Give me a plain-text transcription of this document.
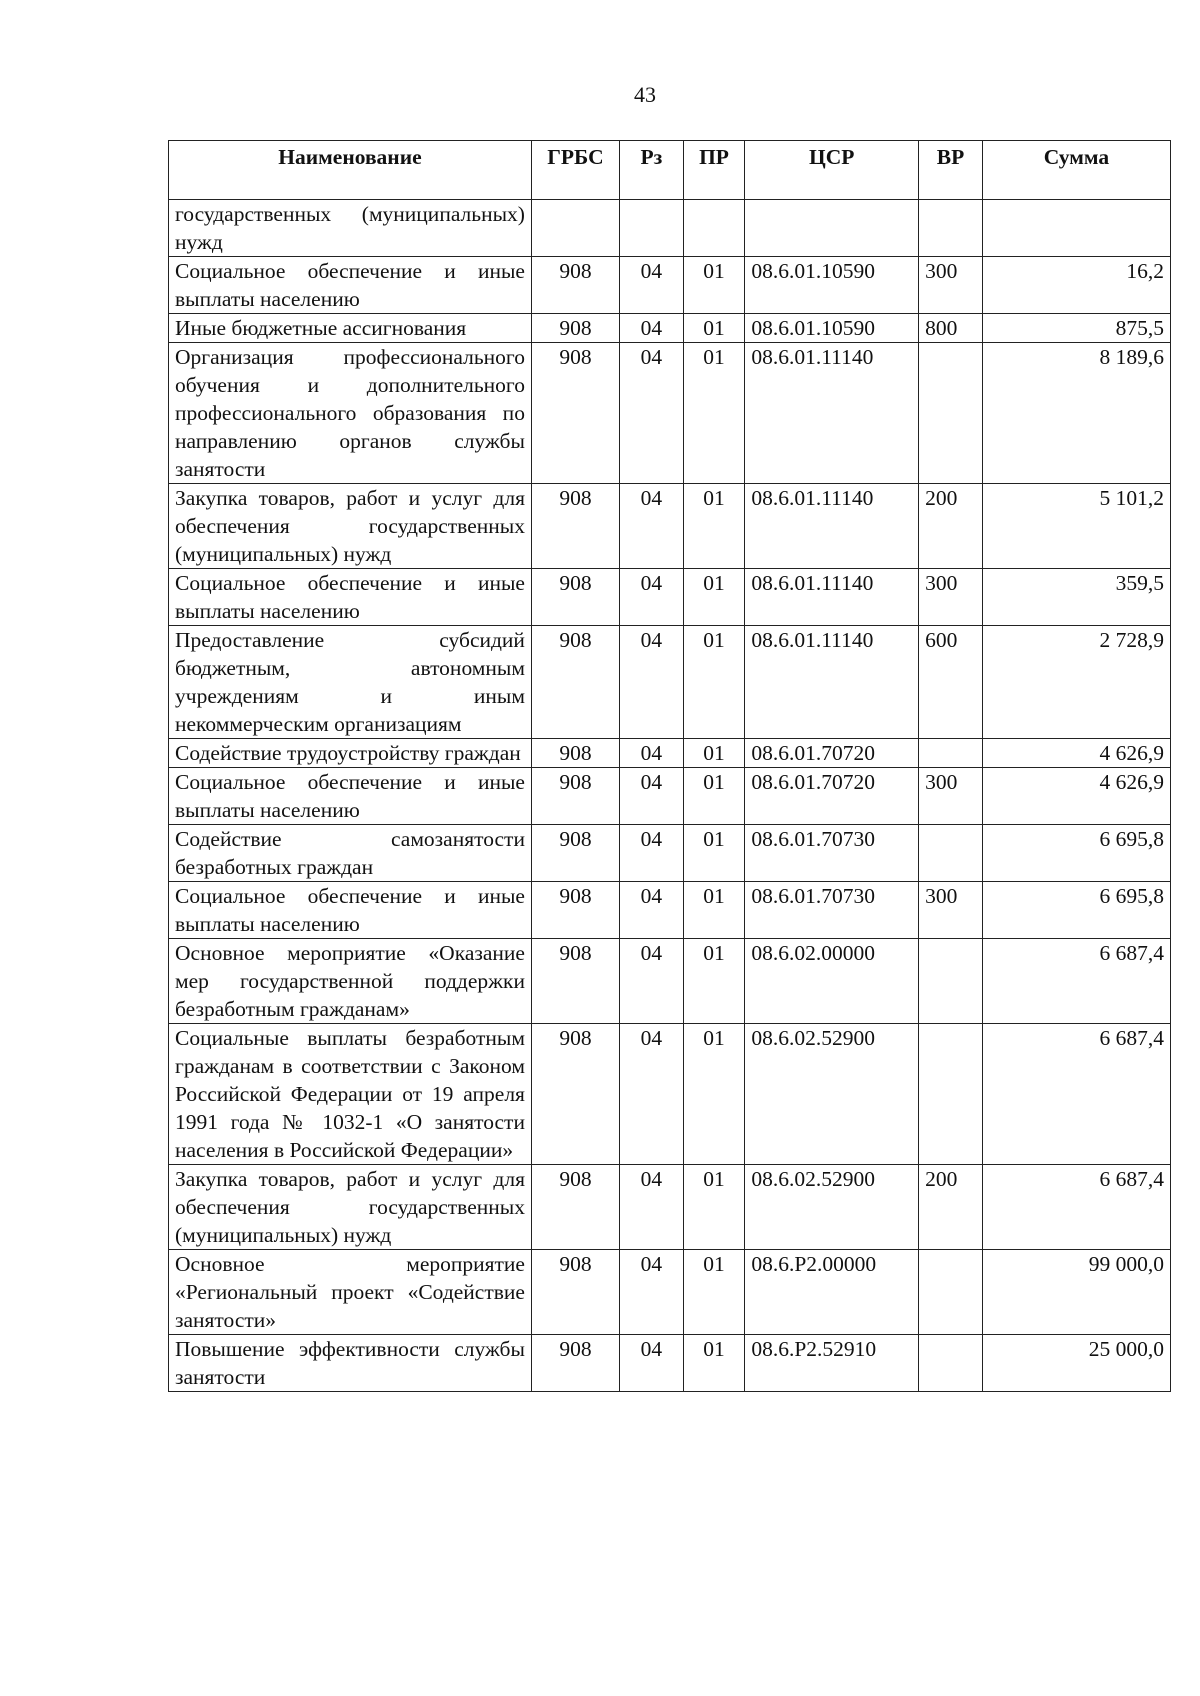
43
Наименование	ГРБС	Рз	ПР	ЦСР	ВР	Сумма
государственных (муниципальных) нужд						
Социальное обеспечение и иные выплаты населению	908	04	01	08.6.01.10590	300	16,2
Иные бюджетные ассигнования	908	04	01	08.6.01.10590	800	875,5
Организация профессионального обучения и дополнительного профессионального образования по направлению органов службы занятости	908	04	01	08.6.01.11140		8 189,6
Закупка товаров, работ и услуг для обеспечения государственных (муниципальных) нужд	908	04	01	08.6.01.11140	200	5 101,2
Социальное обеспечение и иные выплаты населению	908	04	01	08.6.01.11140	300	359,5
Предоставление субсидий бюджетным, автономным учреждениям и иным некоммерческим организациям	908	04	01	08.6.01.11140	600	2 728,9
Содействие трудоустройству граждан	908	04	01	08.6.01.70720		4 626,9
Социальное обеспечение и иные выплаты населению	908	04	01	08.6.01.70720	300	4 626,9
Содействие самозанятости безработных граждан	908	04	01	08.6.01.70730		6 695,8
Социальное обеспечение и иные выплаты населению	908	04	01	08.6.01.70730	300	6 695,8
Основное мероприятие «Оказание мер государственной поддержки безработным гражданам»	908	04	01	08.6.02.00000		6 687,4
Социальные выплаты безработным гражданам в соответствии с Законом Российской Федерации от 19 апреля 1991 года № 1032-1 «О занятости населения в Российской Федерации»	908	04	01	08.6.02.52900		6 687,4
Закупка товаров, работ и услуг для обеспечения государственных (муниципальных) нужд	908	04	01	08.6.02.52900	200	6 687,4
Основное мероприятие «Региональный проект «Содействие занятости»	908	04	01	08.6.P2.00000		99 000,0
Повышение эффективности службы занятости	908	04	01	08.6.P2.52910		25 000,0
